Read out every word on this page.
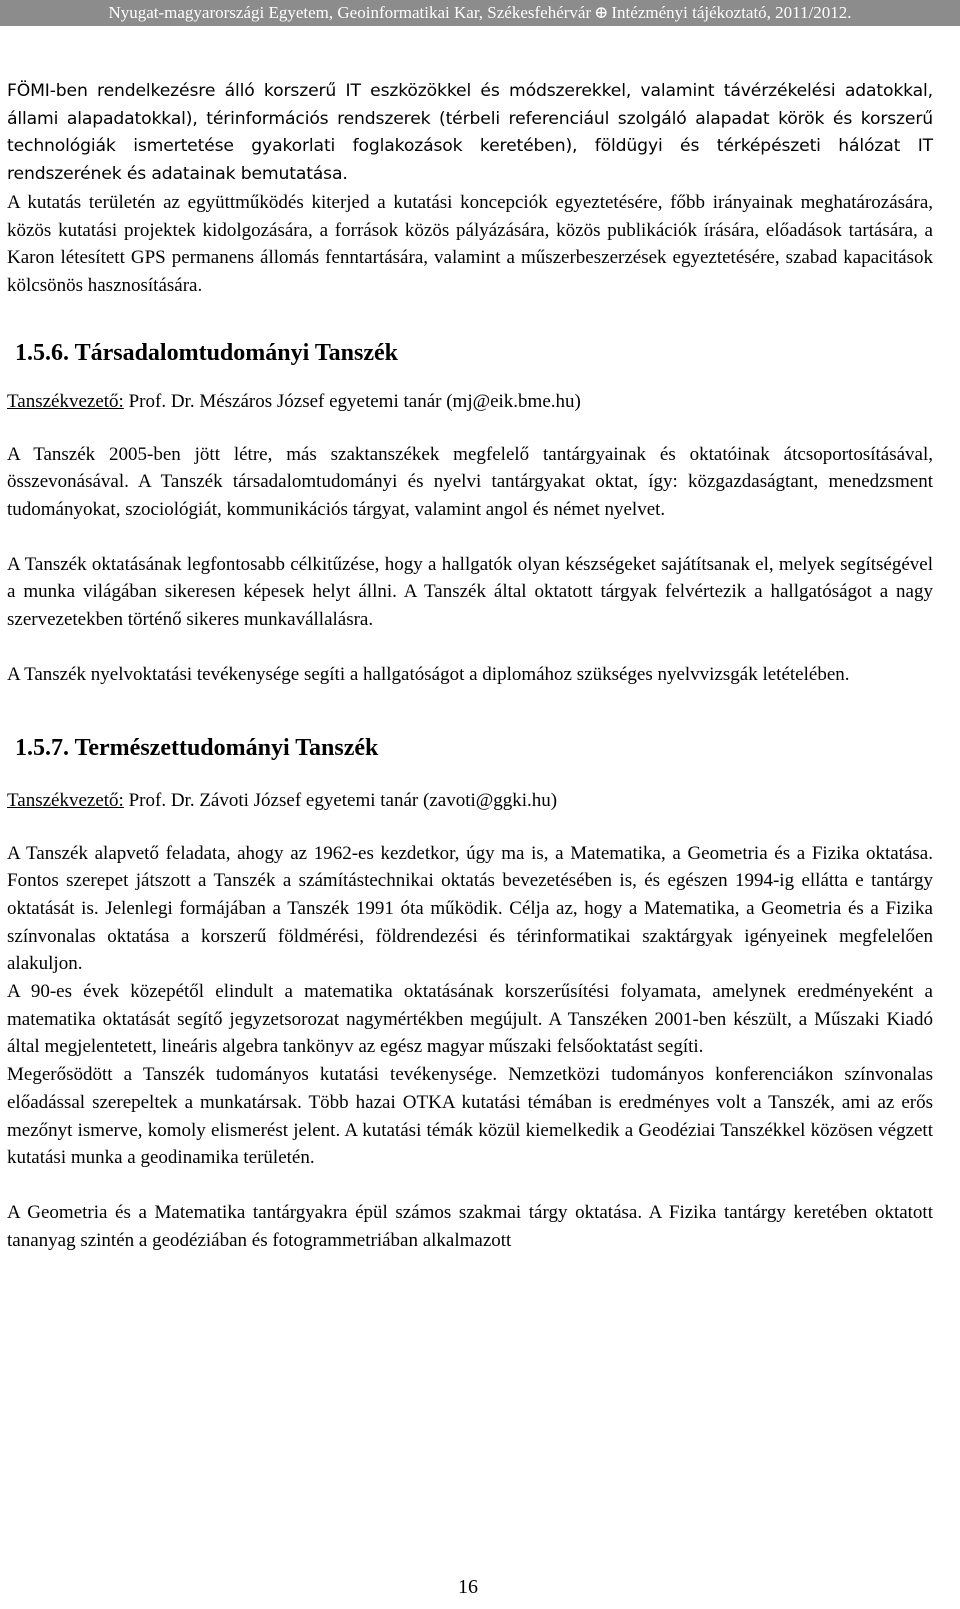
Nyugat-magyarországi Egyetem, Geoinformatikai Kar, Székesfehérvár ⊕ Intézményi tájékoztató, 2011/2012.

FÖMI-ben rendelkezésre álló korszerű IT eszközökkel és módszerekkel, valamint távérzékelési adatokkal, állami alapadatokkal), térinformációs rendszerek (térbeli referenciául szolgáló alapadat körök és korszerű technológiák ismertetése gyakorlati foglakozások keretében), földügyi és térképészeti hálózat IT rendszerének és adatainak bemutatása.

A kutatás területén az együttműködés kiterjed a kutatási koncepciók egyeztetésére, főbb irányainak meghatározására, közös kutatási projektek kidolgozására, a források közös pályázására, közös publikációk írására, előadások tartására, a Karon létesített GPS permanens állomás fenntartására, valamint a műszerbeszerzések egyeztetésére, szabad kapacitások kölcsönös hasznosítására.

1.5.6. Társadalomtudományi Tanszék
Tanszékvezető: Prof. Dr. Mészáros József egyetemi tanár (mj@eik.bme.hu)

A Tanszék 2005-ben jött létre, más szaktanszékek megfelelő tantárgyainak és oktatóinak átcsoportosításával, összevonásával. A Tanszék társadalomtudományi és nyelvi tantárgyakat oktat, így: közgazdaságtant, menedzsment tudományokat, szociológiát, kommunikációs tárgyat, valamint angol és német nyelvet.

A Tanszék oktatásának legfontosabb célkitűzése, hogy a hallgatók olyan készségeket sajátítsanak el, melyek segítségével a munka világában sikeresen képesek helyt állni. A Tanszék által oktatott tárgyak felvértezik a hallgatóságot a nagy szervezetekben történő sikeres munkavállalásra.

A Tanszék nyelvoktatási tevékenysége segíti a hallgatóságot a diplomához szükséges nyelvvizsgák letételében.

1.5.7. Természettudományi Tanszék
Tanszékvezető: Prof. Dr. Závoti József egyetemi tanár (zavoti@ggki.hu)

A Tanszék alapvető feladata, ahogy az 1962-es kezdetkor, úgy ma is, a Matematika, a Geometria és a Fizika oktatása. Fontos szerepet játszott a Tanszék a számítástechnikai oktatás bevezetésében is, és egészen 1994-ig ellátta e tantárgy oktatását is. Jelenlegi formájában a Tanszék 1991 óta működik. Célja az, hogy a Matematika, a Geometria és a Fizika színvonalas oktatása a korszerű földmérési, földrendezési és térinformatikai szaktárgyak igényeinek megfelelően alakuljon.

A 90-es évek közepétől elindult a matematika oktatásának korszerűsítési folyamata, amelynek eredményeként a matematika oktatását segítő jegyzetsorozat nagymértékben megújult. A Tanszéken 2001-ben készült, a Műszaki Kiadó által megjelentetett, lineáris algebra tankönyv az egész magyar műszaki felsőoktatást segíti.

Megerősödött a Tanszék tudományos kutatási tevékenysége. Nemzetközi tudományos konferenciákon színvonalas előadással szerepeltek a munkatársak. Több hazai OTKA kutatási témában is eredményes volt a Tanszék, ami az erős mezőnyt ismerve, komoly elismerést jelent. A kutatási témák közül kiemelkedik a Geodéziai Tanszékkel közösen végzett kutatási munka a geodinamika területén.

A Geometria és a Matematika tantárgyakra épül számos szakmai tárgy oktatása. A Fizika tantárgy keretében oktatott tananyag szintén a geodéziában és fotogrammetriában alkalmazott

16
